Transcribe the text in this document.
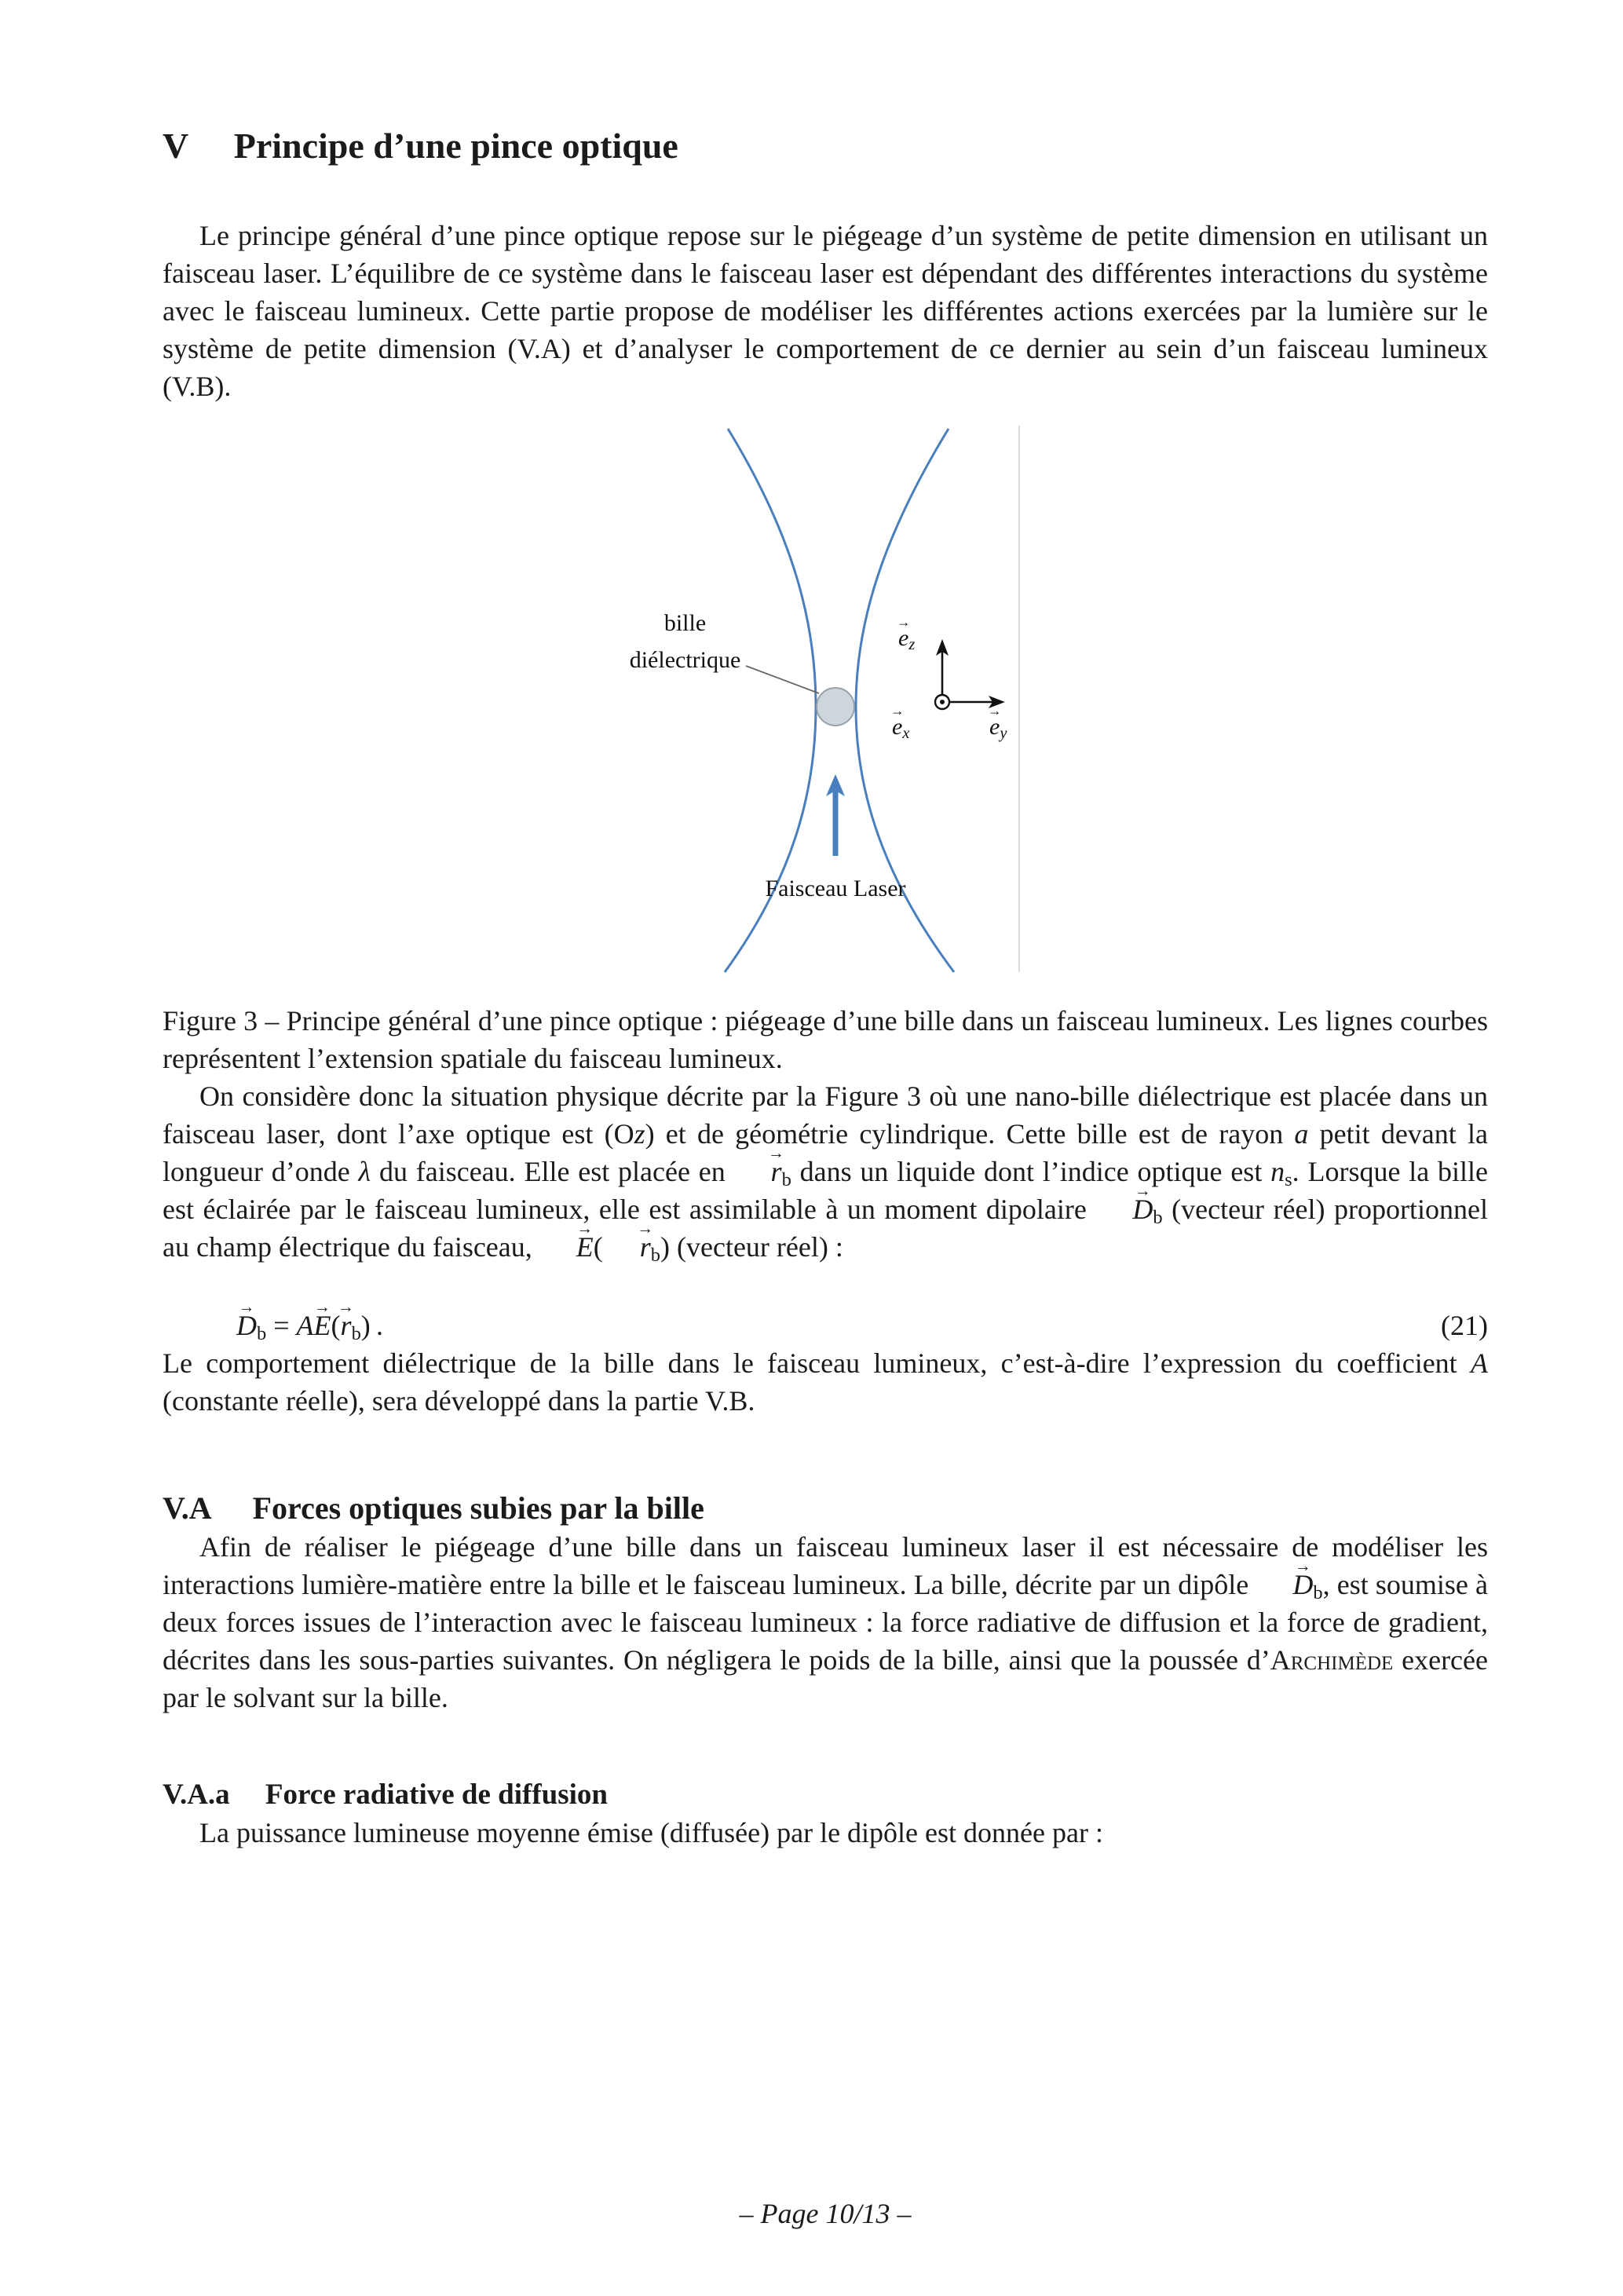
V Principe d’une pince optique

Le principe général d’une pince optique repose sur le piégeage d’un système de petite dimension en utilisant un faisceau laser. L’équilibre de ce système dans le faisceau laser est dépendant des différentes interactions du système avec le faisceau lumineux. Cette partie propose de modéliser les différentes actions exercées par la lumière sur le système de petite dimension (V.A) et d’analyser le comportement de ce dernier au sein d’un faisceau lumineux (V.B).

bille
diélectrique
$e \to_z$
$e \to_x$	$e \to_y$
Faisceau Laser

Figure 3 – Principe général d’une pince optique : piégeage d’une bille dans un faisceau lumineux. Les lignes courbes représentent l’extension spatiale du faisceau lumineux.

On considère donc la situation physique décrite par la Figure 3 où une nano-bille diélectrique est placée dans un faisceau laser, dont l’axe optique est (Oz) et de géométrie cylindrique. Cette bille est de rayon a petit devant la longueur d’onde λ du faisceau. Elle est placée en $r \to_b$ dans un liquide dont l’indice optique est $n_s$. Lorsque la bille est éclairée par le faisceau lumineux, elle est assimilable à un moment dipolaire $D \to_b$ (vecteur réel) proportionnel au champ électrique du faisceau, E →( $r \to_b$) (vecteur réel) :

$D \to_b$ = AE $\to(r \to_b)$ .	(21)

Le comportement diélectrique de la bille dans le faisceau lumineux, c’est-à-dire l’expression du coefficient A (constante réelle), sera développé dans la partie V.B.

V.A Forces optiques subies par la bille

Afin de réaliser le piégeage d’une bille dans un faisceau lumineux laser il est nécessaire de modéliser les interactions lumière-matière entre la bille et le faisceau lumineux. La bille, décrite par un dipôle $D \to_b$, est soumise à deux forces issues de l’interaction avec le faisceau lumineux : la force radiative de diffusion et la force de gradient, décrites dans les sous-parties suivantes. On négligera le poids de la bille, ainsi que la poussée d’Archimède exercée par le solvant sur la bille.

V.A.a Force radiative de diffusion

La puissance lumineuse moyenne émise (diffusée) par le dipôle est donnée par :

– Page 10/13 –
